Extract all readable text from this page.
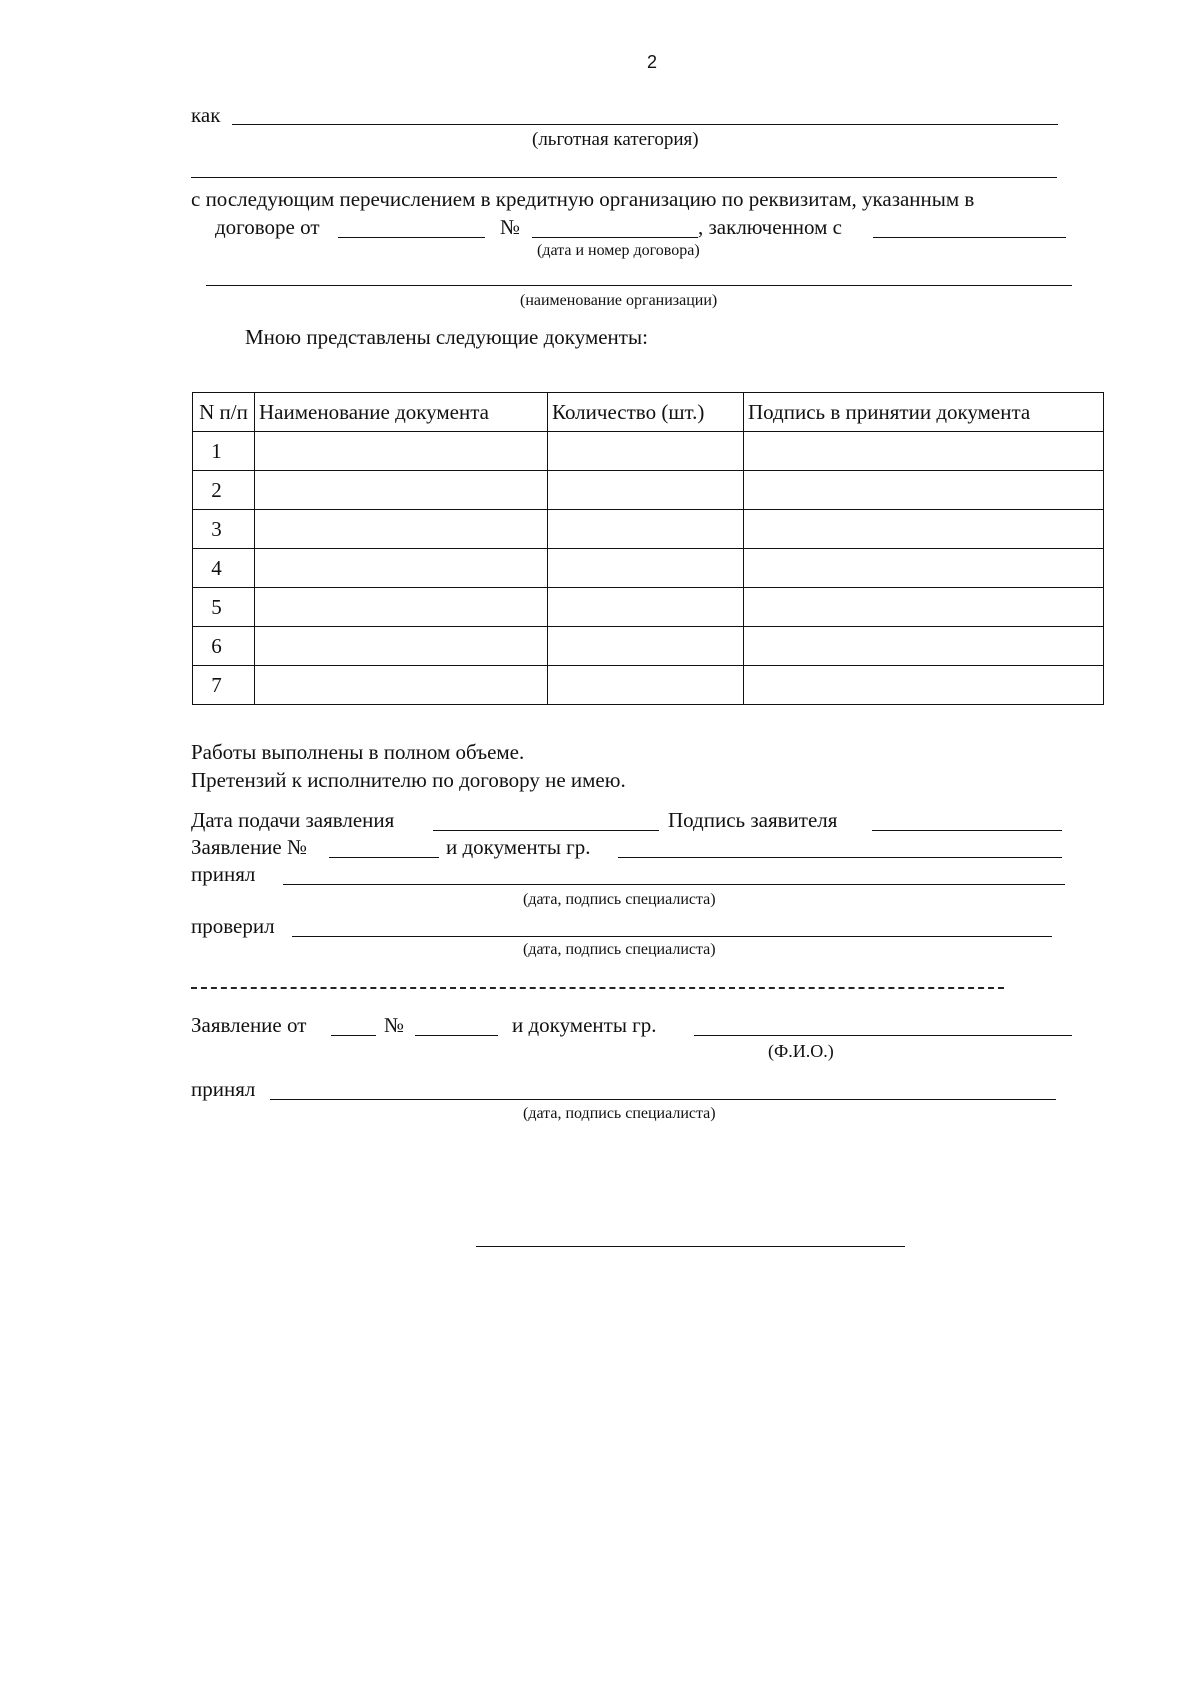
2
как
(льготная категория)
с последующим перечислением в кредитную организацию по реквизитам, указанным в
договоре от	№	, заключенном с
(дата и номер договора)
(наименование организации)
Мною представлены следующие документы:
N п/п	Наименование документа	Количество (шт.)	Подпись в принятии документа
1			
2			
3			
4			
5			
6			
7			
Работы выполнены в полном объеме.
Претензий к исполнителю по договору не имею.
Дата подачи заявления	Подпись заявителя
Заявление №	и документы гр.
принял
(дата, подпись специалиста)
проверил
(дата, подпись специалиста)
Заявление от	№	и документы гр.
(Ф.И.О.)
принял
(дата, подпись специалиста)
